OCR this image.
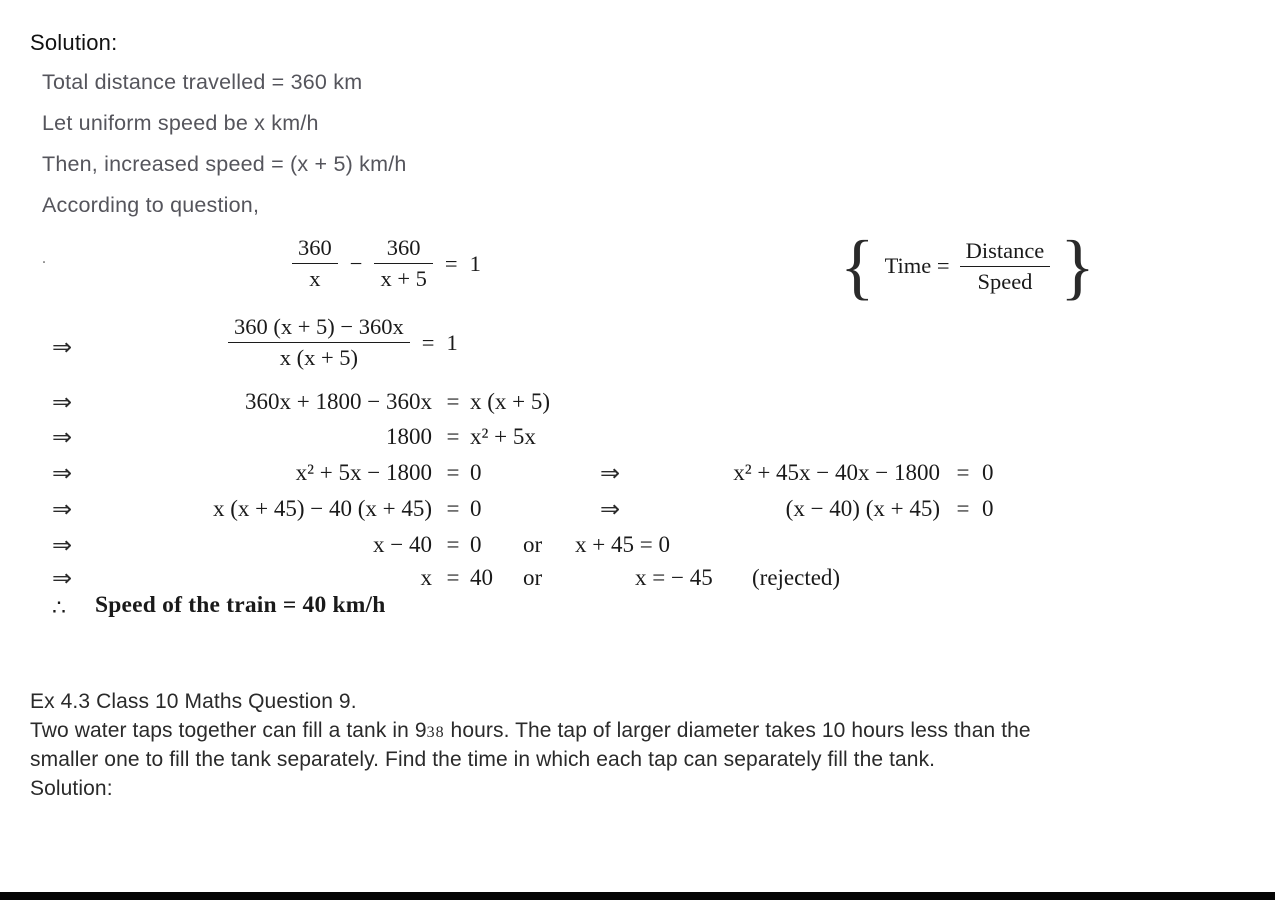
Solution:
Total distance travelled = 360 km
Let uniform speed be x km/h
Then, increased speed = (x + 5) km/h
According to question,
.	$\frac{360}{x} - \frac{360}{x + 5} = 1$	{ Time = $\frac{\text{Distance}}{\text{Speed}}$ }
⇒	$\frac{360 (x + 5) - 360x}{x (x + 5)} = 1$
⇒	360x + 1800 − 360x = x (x + 5)
⇒	1800 = x² + 5x
⇒	x² + 5x − 1800 = 0	⇒	x² + 45x − 40x − 1800 = 0
⇒	x (x + 45) − 40 (x + 45) = 0	⇒	(x − 40) (x + 45) = 0
⇒	x − 40 = 0 or x + 45 = 0
⇒	x = 40 or	x = − 45 (rejected)
∴ Speed of the train = 40 km/h
Ex 4.3 Class 10 Maths Question 9.
Two water taps together can fill a tank in 938 hours. The tap of larger diameter takes 10 hours less than the
smaller one to fill the tank separately. Find the time in which each tap can separately fill the tank.
Solution:
